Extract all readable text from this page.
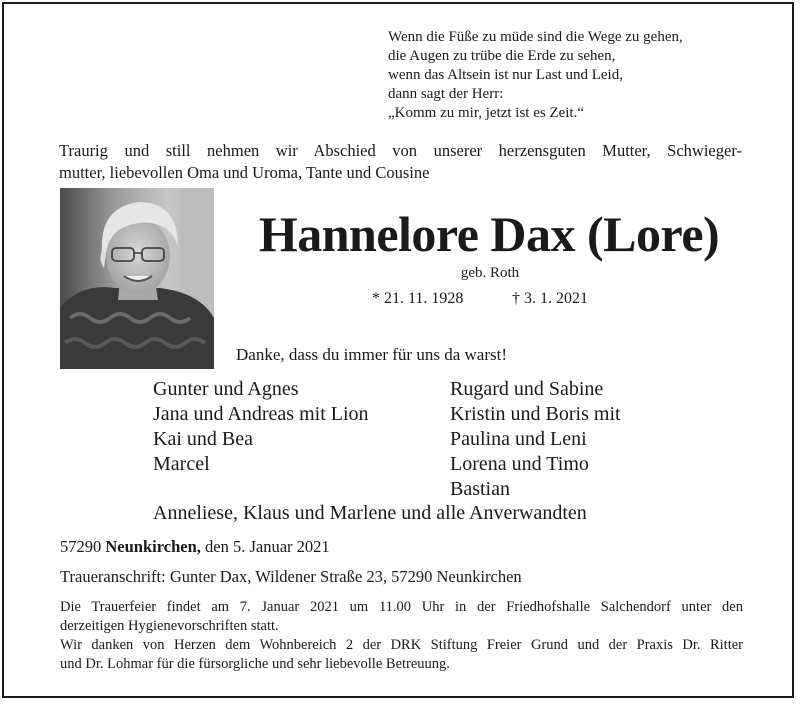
Wenn die Füße zu müde sind die Wege zu gehen,
die Augen zu trübe die Erde zu sehen,
wenn das Altsein ist nur Last und Leid,
dann sagt der Herr:
„Komm zu mir, jetzt ist es Zeit.“
Traurig und still nehmen wir Abschied von unserer herzensguten Mutter, Schwieger-
mutter, liebevollen Oma und Uroma, Tante und Cousine
Hannelore Dax (Lore)
geb. Roth
* 21. 11. 1928	† 3. 1. 2021
Danke, dass du immer für uns da warst!
Gunter und Agnes
Jana und Andreas mit Lion
Kai und Bea
Marcel
Rugard und Sabine
Kristin und Boris mit
Paulina und Leni
Lorena und Timo
Bastian
Anneliese, Klaus und Marlene und alle Anverwandten
57290 Neunkirchen, den 5. Januar 2021
Traueranschrift: Gunter Dax, Wildener Straße 23, 57290 Neunkirchen
Die Trauerfeier findet am 7. Januar 2021 um 11.00 Uhr in der Friedhofshalle Salchendorf unter den
derzeitigen Hygienevorschriften statt.
Wir danken von Herzen dem Wohnbereich 2 der DRK Stiftung Freier Grund und der Praxis Dr. Ritter
und Dr. Lohmar für die fürsorgliche und sehr liebevolle Betreuung.
